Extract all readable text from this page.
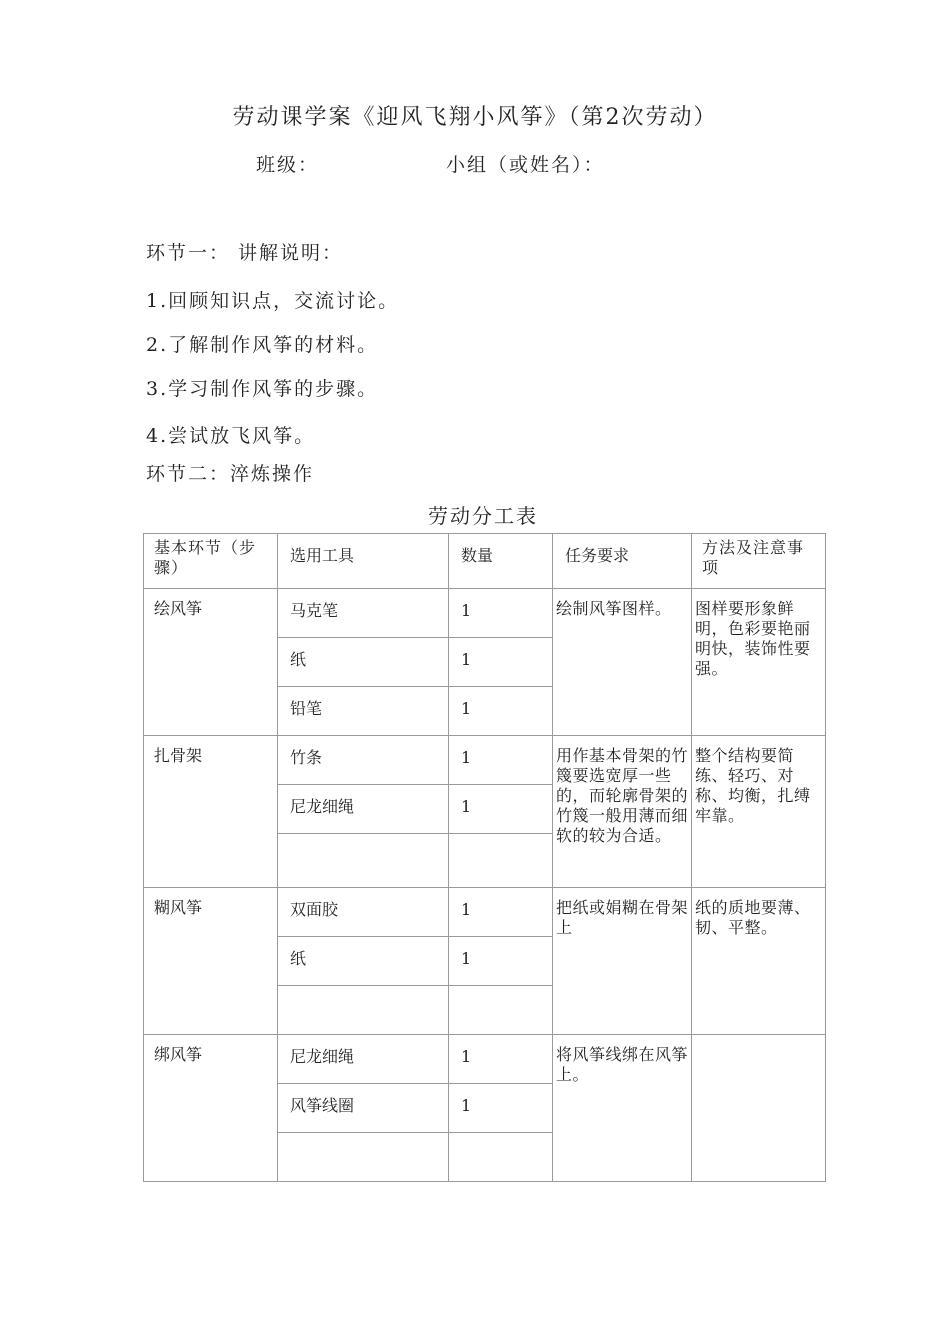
劳动课学案《迎风飞翔小风筝》（第2次劳动）
班级：	小组（或姓名）：
环节一： 讲解说明：
1.回顾知识点，交流讨论。
2.了解制作风筝的材料。
3.学习制作风筝的步骤。
4.尝试放飞风筝。
环节二：淬炼操作
劳动分工表
基本环节（步骤）	选用工具	数量	任务要求	方法及注意事项
绘风筝	马克笔	1	绘制风筝图样。	图样要形象鲜明，色彩要艳丽明快，装饰性要强。
	纸	1		
	铅笔	1		
扎骨架	竹条	1	用作基本骨架的竹篾要选宽厚一些的，而轮廓骨架的竹篾一般用薄而细软的较为合适。	整个结构要简练、轻巧、对称、均衡，扎缚牢靠。
	尼龙细绳	1		

糊风筝	双面胶	1	把纸或娟糊在骨架上	纸的质地要薄、韧、平整。
	纸	1		

绑风筝	尼龙细绳	1	将风筝线绑在风筝上。	
	风筝线圈	1		
